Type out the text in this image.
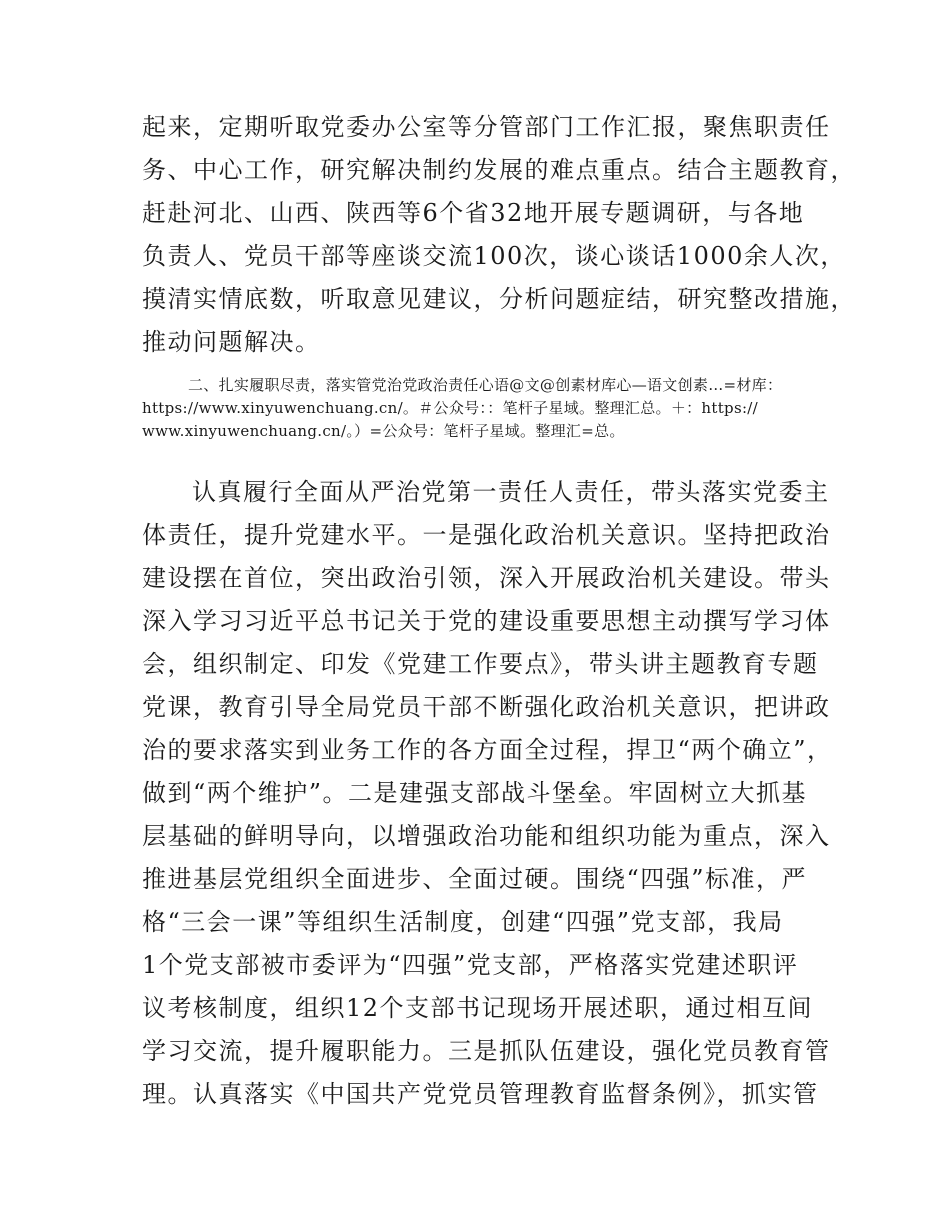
起来，定期听取党委办公室等分管部门工作汇报，聚焦职责任
务、中心工作，研究解决制约发展的难点重点。结合主题教育，
赶赴河北、山西、陕西等6个省32地开展专题调研，与各地
负责人、党员干部等座谈交流100次，谈心谈话1000余人次，
摸清实情底数，听取意见建议，分析问题症结，研究整改措施，
推动问题解决。
二、扎实履职尽责，落实管党治党政治责任心语@文@创素材库心—语文创素…=材库：
https://www.xinyuwenchuang.cn/。＃公众号：：笔杆子星域。整理汇总。＋：https://
www.xinyuwenchuang.cn/。）=公众号：笔杆子星域。整理汇=总。
认真履行全面从严治党第一责任人责任，带头落实党委主
体责任，提升党建水平。一是强化政治机关意识。坚持把政治
建设摆在首位，突出政治引领，深入开展政治机关建设。带头
深入学习习近平总书记关于党的建设重要思想主动撰写学习体
会，组织制定、印发《党建工作要点》，带头讲主题教育专题
党课，教育引导全局党员干部不断强化政治机关意识，把讲政
治的要求落实到业务工作的各方面全过程，捍卫“两个确立”，
做到“两个维护”。二是建强支部战斗堡垒。牢固树立大抓基
层基础的鲜明导向，以增强政治功能和组织功能为重点，深入
推进基层党组织全面进步、全面过硬。围绕“四强”标准，严
格“三会一课”等组织生活制度，创建“四强”党支部，我局
1个党支部被市委评为“四强”党支部，严格落实党建述职评
议考核制度，组织12个支部书记现场开展述职，通过相互间
学习交流，提升履职能力。三是抓队伍建设，强化党员教育管
理。认真落实《中国共产党党员管理教育监督条例》，抓实管
